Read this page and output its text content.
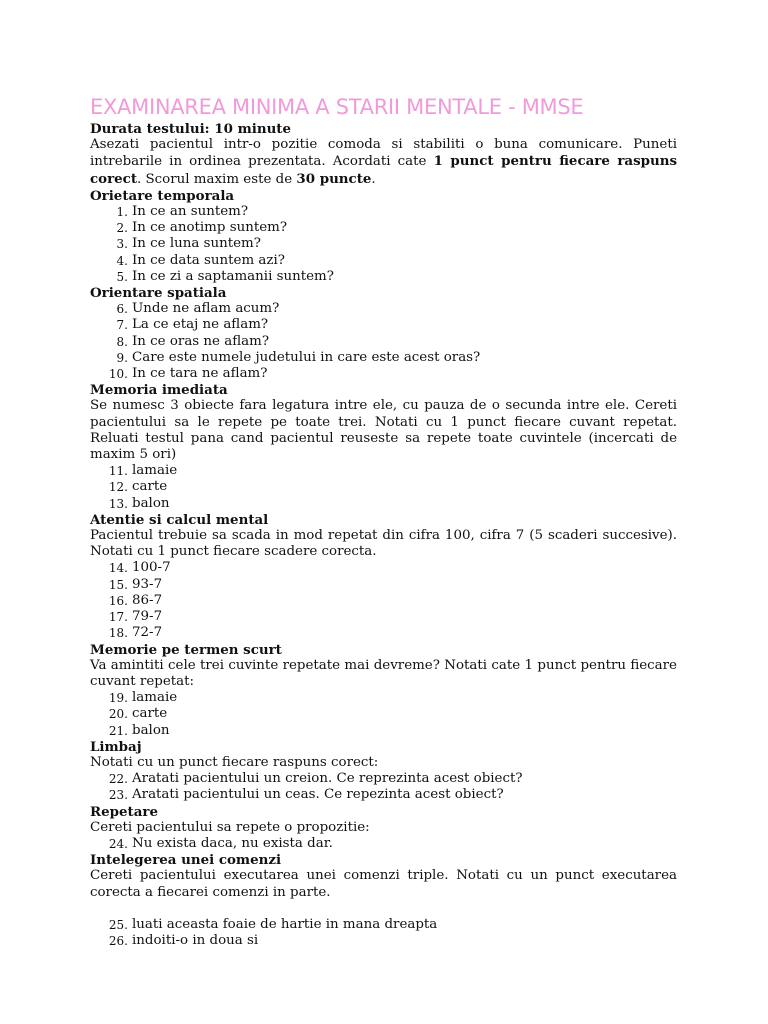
EXAMINAREA MINIMA A STARII MENTALE - MMSE
Durata testului: 10 minute

Asezati pacientul intr-o pozitie comoda si stabiliti o buna comunicare. Puneti intrebarile in ordinea prezentata. Acordati cate 1 punct pentru fiecare raspuns corect. Scorul maxim este de 30 puncte.

Orietare temporala
1. In ce an suntem?
2. In ce anotimp suntem?
3. In ce luna suntem?
4. In ce data suntem azi?
5. In ce zi a saptamanii suntem?
Orientare spatiala
6. Unde ne aflam acum?
7. La ce etaj ne aflam?
8. In ce oras ne aflam?
9. Care este numele judetului in care este acest oras?
10. In ce tara ne aflam?
Memoria imediata

Se numesc 3 obiecte fara legatura intre ele, cu pauza de o secunda intre ele. Cereti pacientului sa le repete pe toate trei. Notati cu 1 punct fiecare cuvant repetat. Reluati testul pana cand pacientul reuseste sa repete toate cuvintele (incercati de maxim 5 ori)

11. lamaie
12. carte
13. balon
Atentie si calcul mental

Pacientul trebuie sa scada in mod repetat din cifra 100, cifra 7 (5 scaderi succesive). Notati cu 1 punct fiecare scadere corecta.

14. 100-7
15. 93-7
16. 86-7
17. 79-7
18. 72-7
Memorie pe termen scurt

Va amintiti cele trei cuvinte repetate mai devreme? Notati cate 1 punct pentru fiecare cuvant repetat:

19. lamaie
20. carte
21. balon
Limbaj

Notati cu un punct fiecare raspuns corect:

22. Aratati pacientului un creion. Ce reprezinta acest obiect?
23. Aratati pacientului un ceas. Ce repezinta acest obiect?
Repetare

Cereti pacientului sa repete o propozitie:

24. Nu exista daca, nu exista dar.
Intelegerea unei comenzi

Cereti pacientului executarea unei comenzi triple. Notati cu un punct executarea corecta a fiecarei comenzi in parte.

25. luati aceasta foaie de hartie in mana dreapta
26. indoiti-o in doua si
